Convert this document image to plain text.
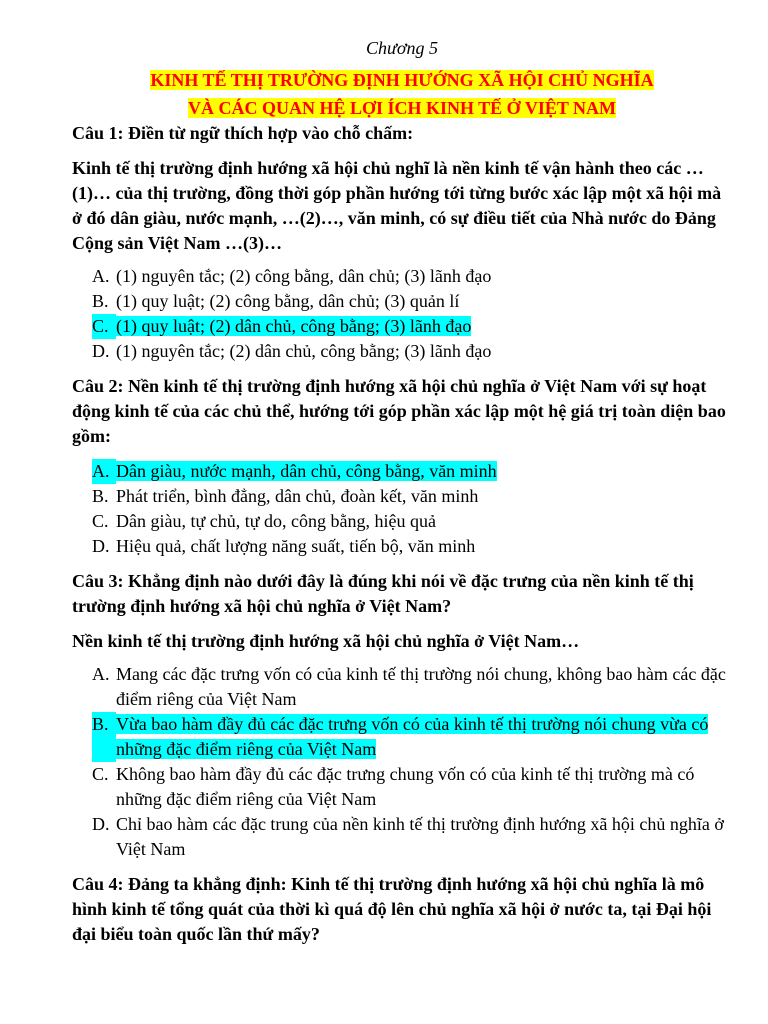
Chương 5

KINH TẾ THỊ TRƯỜNG ĐỊNH HƯỚNG XÃ HỘI CHỦ NGHĨA

VÀ CÁC QUAN HỆ LỢI ÍCH KINH TẾ Ở VIỆT NAM

Câu 1: Điền từ ngữ thích hợp vào chỗ chấm:

Kinh tế thị trường định hướng xã hội chủ nghĩ là nền kinh tế vận hành theo các …(1)… của thị trường, đồng thời góp phần hướng tới từng bước xác lập một xã hội mà ở đó dân giàu, nước mạnh, …(2)…, văn minh, có sự điều tiết của Nhà nước do Đảng Cộng sản Việt Nam …(3)…

A. (1) nguyên tắc; (2) công bằng, dân chủ; (3) lãnh đạo
B. (1) quy luật; (2) công bằng, dân chủ; (3) quản lí
C. (1) quy luật; (2) dân chủ, công bằng; (3) lãnh đạo
D. (1) nguyên tắc; (2) dân chủ, công bằng; (3) lãnh đạo

Câu 2: Nền kinh tế thị trường định hướng xã hội chủ nghĩa ở Việt Nam với sự hoạt động kinh tế của các chủ thể, hướng tới góp phần xác lập một hệ giá trị toàn diện bao gồm:

A. Dân giàu, nước mạnh, dân chủ, công bằng, văn minh
B. Phát triển, bình đẳng, dân chủ, đoàn kết, văn minh
C. Dân giàu, tự chủ, tự do, công bằng, hiệu quả
D. Hiệu quả, chất lượng năng suất, tiến bộ, văn minh

Câu 3: Khẳng định nào dưới đây là đúng khi nói về đặc trưng của nền kinh tế thị trường định hướng xã hội chủ nghĩa ở Việt Nam?

Nền kinh tế thị trường định hướng xã hội chủ nghĩa ở Việt Nam…

A. Mang các đặc trưng vốn có của kinh tế thị trường nói chung, không bao hàm các đặc điểm riêng của Việt Nam
B. Vừa bao hàm đầy đủ các đặc trưng vốn có của kinh tế thị trường nói chung vừa có những đặc điểm riêng của Việt Nam
C. Không bao hàm đầy đủ các đặc trưng chung vốn có của kinh tế thị trường mà có những đặc điểm riêng của Việt Nam
D. Chỉ bao hàm các đặc trung của nền kinh tế thị trường định hướng xã hội chủ nghĩa ở Việt Nam

Câu 4: Đảng ta khẳng định: Kinh tế thị trường định hướng xã hội chủ nghĩa là mô hình kinh tế tổng quát của thời kì quá độ lên chủ nghĩa xã hội ở nước ta, tại Đại hội đại biểu toàn quốc lần thứ mấy?
